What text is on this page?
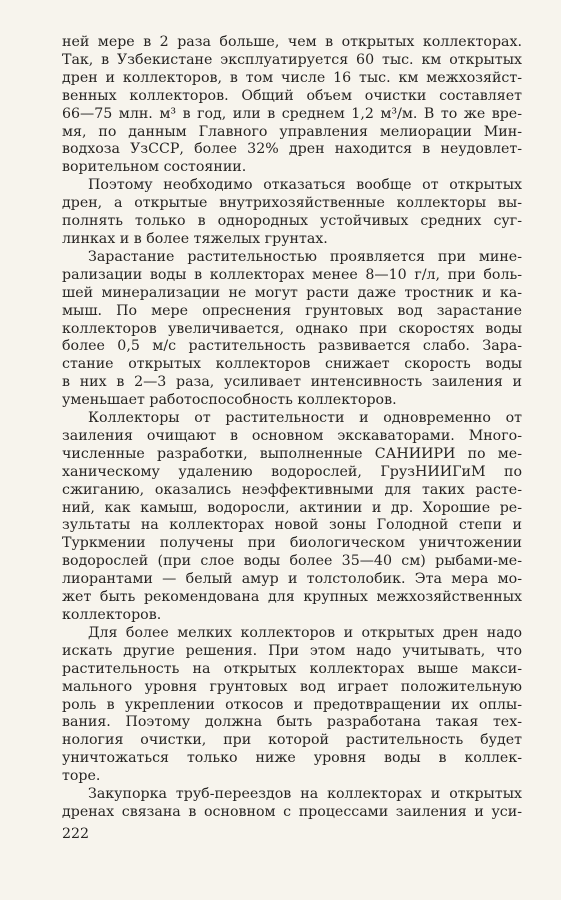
ней мере в 2 раза больше, чем в открытых коллекторах.
Так, в Узбекистане эксплуатируется 60 тыс. км открытых
дрен и коллекторов, в том числе 16 тыс. км межхозяйст-
венных коллекторов. Общий объем очистки составляет
66—75 млн. м³ в год, или в среднем 1,2 м³/м. В то же вре-
мя, по данным Главного управления мелиорации Мин-
водхоза УзССР, более 32% дрен находится в неудовлет-
ворительном состоянии.
Поэтому необходимо отказаться вообще от открытых
дрен, а открытые внутрихозяйственные коллекторы вы-
полнять только в однородных устойчивых средних суг-
линках и в более тяжелых грунтах.
Зарастание растительностью проявляется при мине-
рализации воды в коллекторах менее 8—10 г/л, при боль-
шей минерализации не могут расти даже тростник и ка-
мыш. По мере опреснения грунтовых вод зарастание
коллекторов увеличивается, однако при скоростях воды
более 0,5 м/с растительность развивается слабо. Зара-
стание открытых коллекторов снижает скорость воды
в них в 2—3 раза, усиливает интенсивность заиления и
уменьшает работоспособность коллекторов.
Коллекторы от растительности и одновременно от
заиления очищают в основном экскаваторами. Много-
численные разработки, выполненные САНИИРИ по ме-
ханическому удалению водорослей, ГрузНИИГиМ по
сжиганию, оказались неэффективными для таких расте-
ний, как камыш, водоросли, актинии и др. Хорошие ре-
зультаты на коллекторах новой зоны Голодной степи и
Туркмении получены при биологическом уничтожении
водорослей (при слое воды более 35—40 см) рыбами-ме-
лиорантами — белый амур и толстолобик. Эта мера мо-
жет быть рекомендована для крупных межхозяйственных
коллекторов.
Для более мелких коллекторов и открытых дрен надо
искать другие решения. При этом надо учитывать, что
растительность на открытых коллекторах выше макси-
мального уровня грунтовых вод играет положительную
роль в укреплении откосов и предотвращении их оплы-
вания. Поэтому должна быть разработана такая тех-
нология очистки, при которой растительность будет
уничтожаться только ниже уровня воды в коллек-
торе.
Закупорка труб-переездов на коллекторах и открытых
дренах связана в основном с процессами заиления и уси-
222
